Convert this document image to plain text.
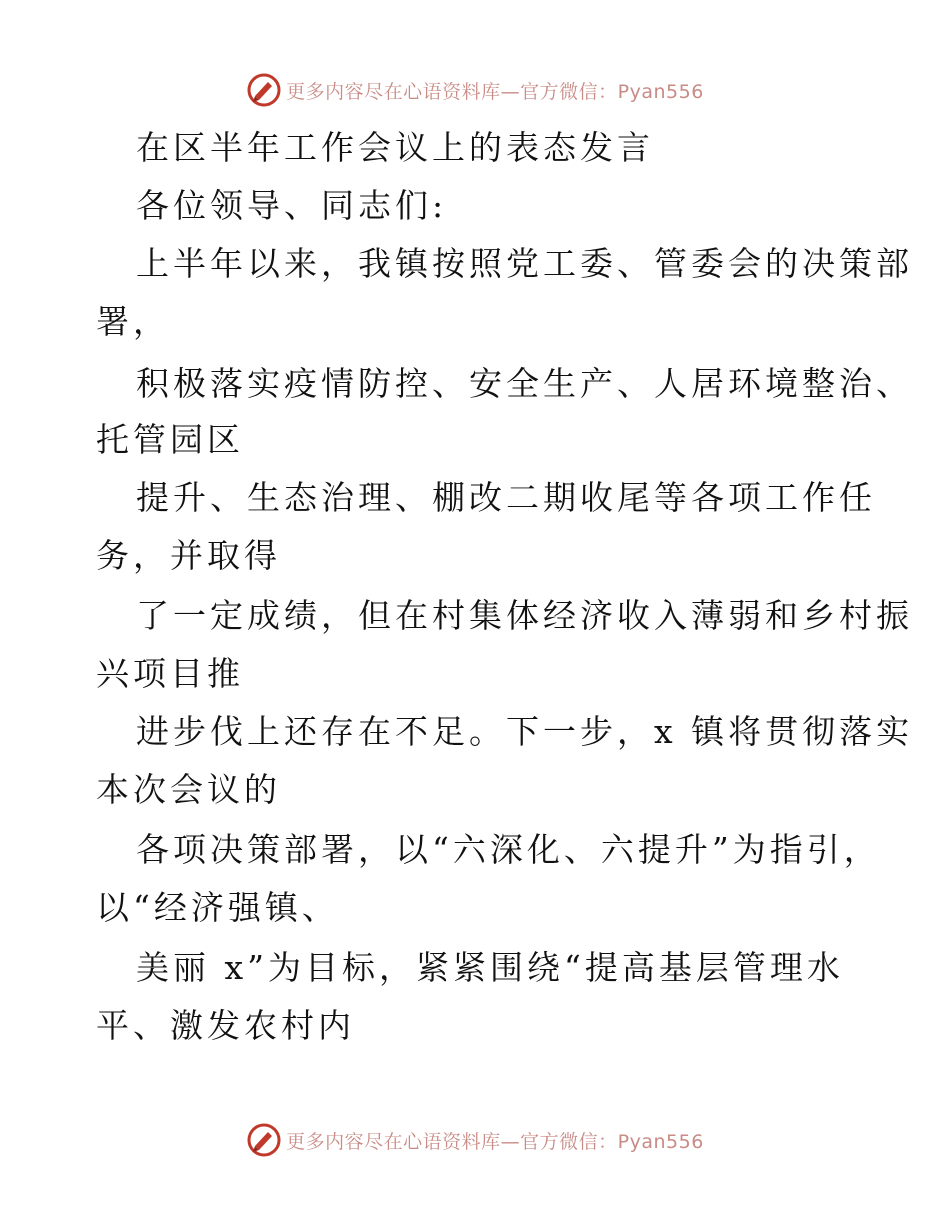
更多内容尽在心语资料库—官方微信：Pyan556
在区半年工作会议上的表态发言
各位领导、同志们:
上半年以来，我镇按照党工委、管委会的决策部
署，
积极落实疫情防控、安全生产、人居环境整治、
托管园区
提升、生态治理、棚改二期收尾等各项工作任
务，并取得
了一定成绩，但在村集体经济收入薄弱和乡村振
兴项目推
进步伐上还存在不足。下一步，x 镇将贯彻落实
本次会议的
各项决策部署，以“六深化、六提升”为指引，
以“经济强镇、
美丽 x”为目标，紧紧围绕“提高基层管理水
平、激发农村内
更多内容尽在心语资料库—官方微信：Pyan556
